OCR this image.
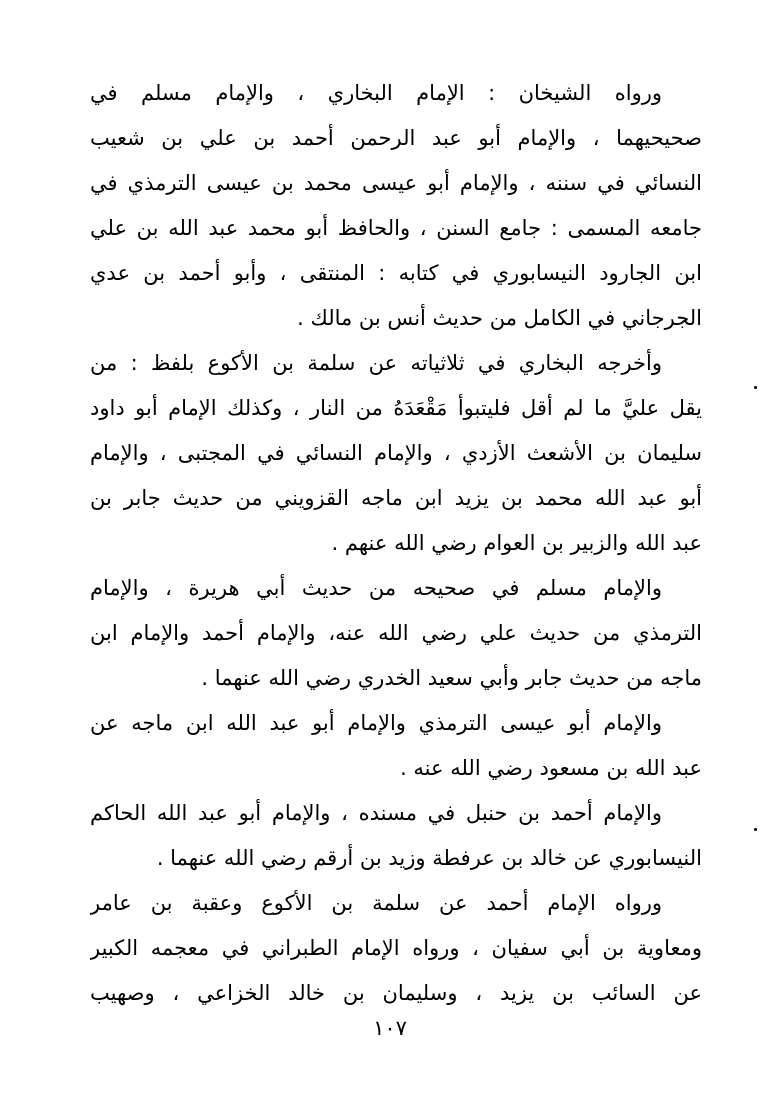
ورواه الشيخان : الإمام البخاري ، والإمام مسلم في
صحيحيهما ، والإمام أبو عبد الرحمن أحمد بن علي بن شعيب
النسائي في سننه ، والإمام أبو عيسى محمد بن عيسى الترمذي في
جامعه المسمى : جامع السنن ، والحافظ أبو محمد عبد الله بن علي
ابن الجارود النيسابوري في كتابه : المنتقى ، وأبو أحمد بن عدي
الجرجاني في الكامل من حديث أنس بن مالك .
وأخرجه البخاري في ثلاثياته عن سلمة بن الأكوع بلفظ : من
يقل عليَّ ما لم أقل فليتبوأ مَقْعَدَهُ من النار ، وكذلك الإمام أبو داود
سليمان بن الأشعث الأزدي ، والإمام النسائي في المجتبى ، والإمام
أبو عبد الله محمد بن يزيد ابن ماجه القزويني من حديث جابر بن
عبد الله والزبير بن العوام رضي الله عنهم .
والإمام مسلم في صحيحه من حديث أبي هريرة ، والإمام
الترمذي من حديث علي رضي الله عنه، والإمام أحمد والإمام ابن
ماجه من حديث جابر وأبي سعيد الخدري رضي الله عنهما .
والإمام أبو عيسى الترمذي والإمام أبو عبد الله ابن ماجه عن
عبد الله بن مسعود رضي الله عنه .
والإمام أحمد بن حنبل في مسنده ، والإمام أبو عبد الله الحاكم
النيسابوري عن خالد بن عرفطة وزيد بن أرقم رضي الله عنهما .
ورواه الإمام أحمد عن سلمة بن الأكوع وعقبة بن عامر
ومعاوية بن أبي سفيان ، ورواه الإمام الطبراني في معجمه الكبير
عن السائب بن يزيد ، وسليمان بن خالد الخزاعي ، وصهيب
١٠٧
